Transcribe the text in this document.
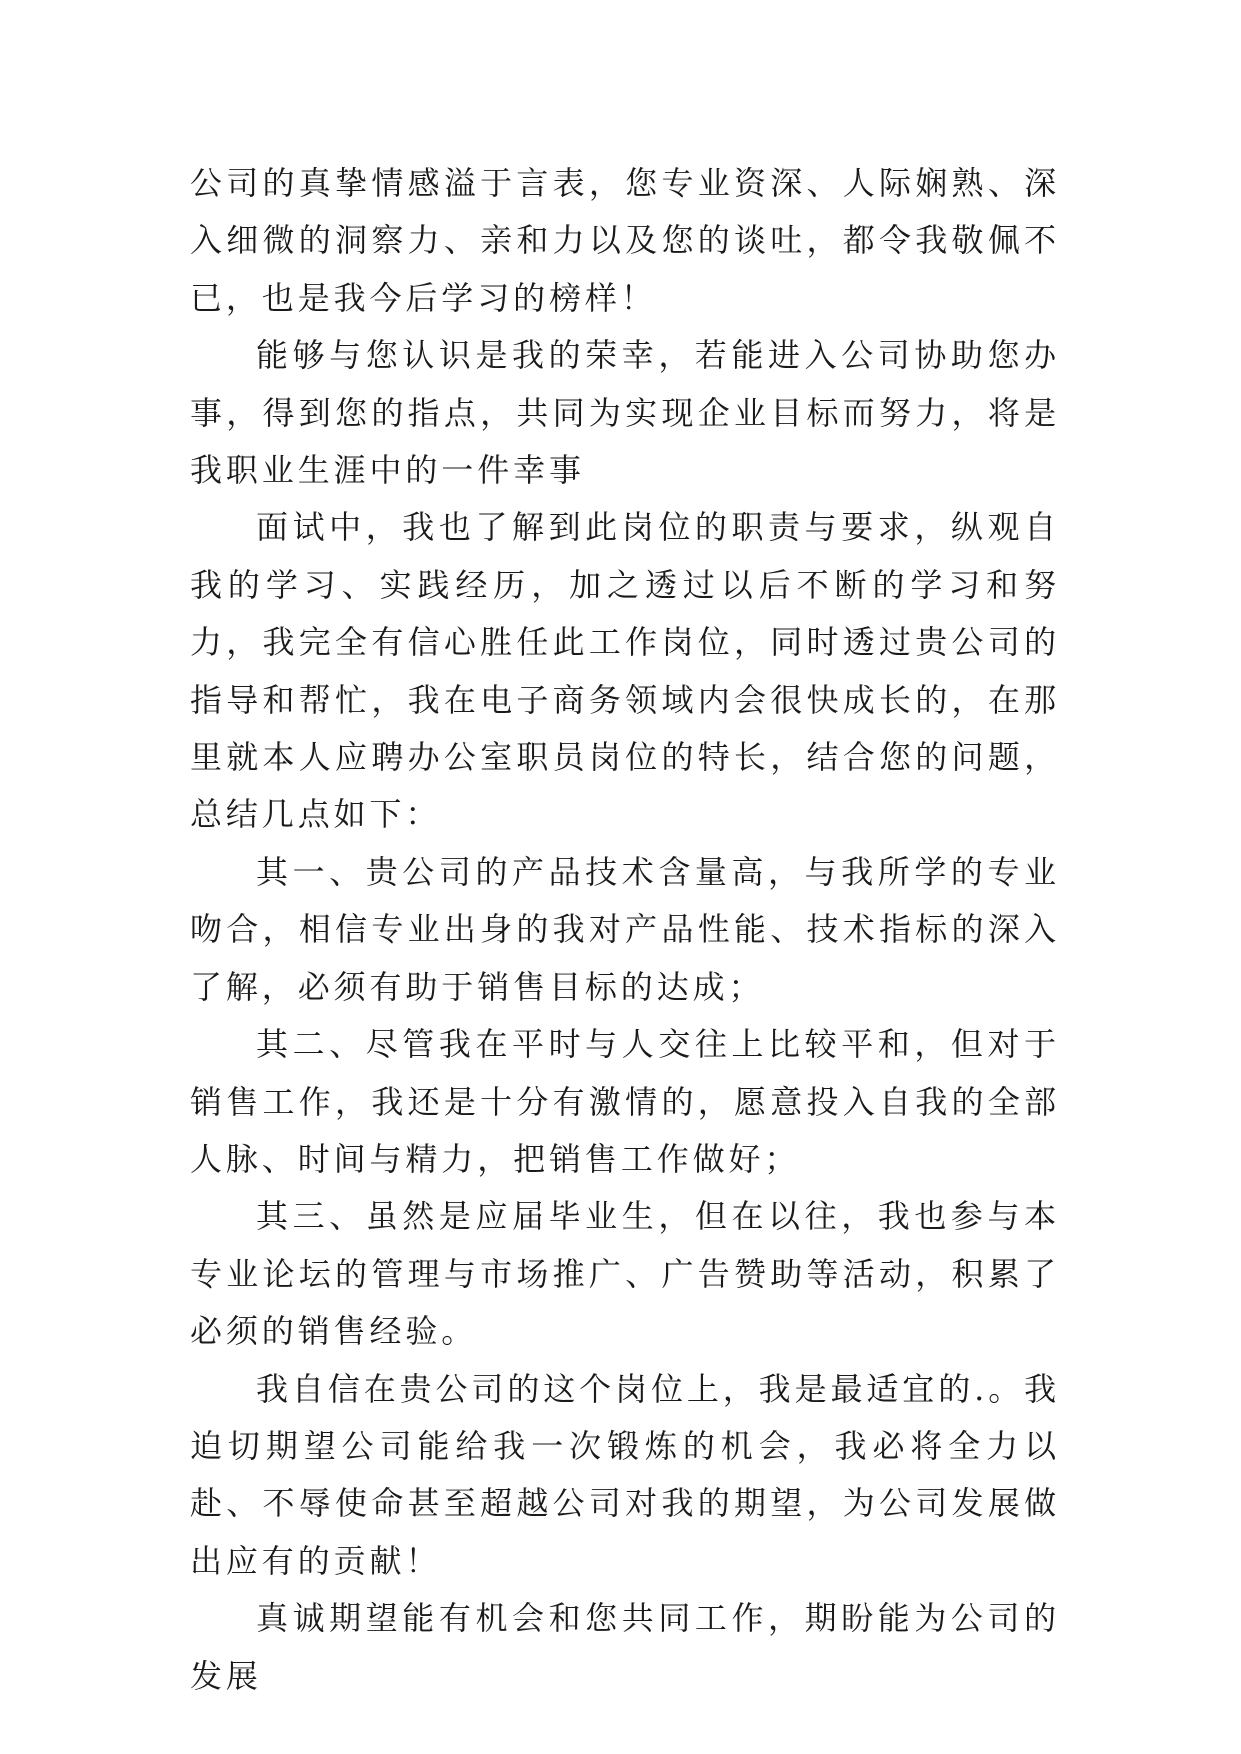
公司的真挚情感溢于言表，您专业资深、人际娴熟、深入细微的洞察力、亲和力以及您的谈吐，都令我敬佩不已，也是我今后学习的榜样！

能够与您认识是我的荣幸，若能进入公司协助您办事，得到您的指点，共同为实现企业目标而努力，将是我职业生涯中的一件幸事

面试中，我也了解到此岗位的职责与要求，纵观自我的学习、实践经历，加之透过以后不断的学习和努力，我完全有信心胜任此工作岗位，同时透过贵公司的指导和帮忙，我在电子商务领域内会很快成长的，在那里就本人应聘办公室职员岗位的特长，结合您的问题，总结几点如下：

其一、贵公司的产品技术含量高，与我所学的专业吻合，相信专业出身的我对产品性能、技术指标的深入了解，必须有助于销售目标的达成；

其二、尽管我在平时与人交往上比较平和，但对于销售工作，我还是十分有激情的，愿意投入自我的全部人脉、时间与精力，把销售工作做好；

其三、虽然是应届毕业生，但在以往，我也参与本专业论坛的管理与市场推广、广告赞助等活动，积累了必须的销售经验。

我自信在贵公司的这个岗位上，我是最适宜的.。我迫切期望公司能给我一次锻炼的机会，我必将全力以赴、不辱使命甚至超越公司对我的期望，为公司发展做出应有的贡献！

真诚期望能有机会和您共同工作，期盼能为公司的发展
